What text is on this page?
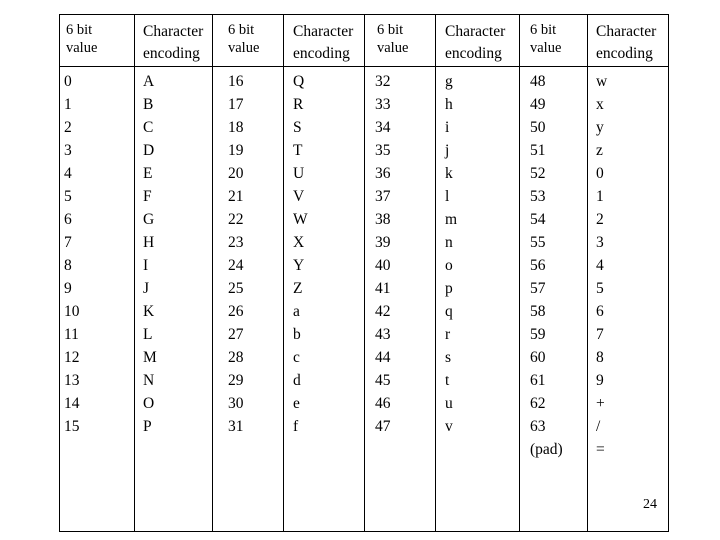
6 bit
value
Character
encoding
6 bit
value
Character
encoding
6 bit
value
Character
encoding
6 bit
value
Character
encoding
0
1
2
3
4
5
6
7
8
9
10
11
12
13
14
15
A
B
C
D
E
F
G
H
I
J
K
L
M
N
O
P
16
17
18
19
20
21
22
23
24
25
26
27
28
29
30
31
Q
R
S
T
U
V
W
X
Y
Z
a
b
c
d
e
f
32
33
34
35
36
37
38
39
40
41
42
43
44
45
46
47
g
h
i
j
k
l
m
n
o
p
q
r
s
t
u
v
48
49
50
51
52
53
54
55
56
57
58
59
60
61
62
63
(pad)
w
x
y
z
0
1
2
3
4
5
6
7
8
9
+
/
=
24
